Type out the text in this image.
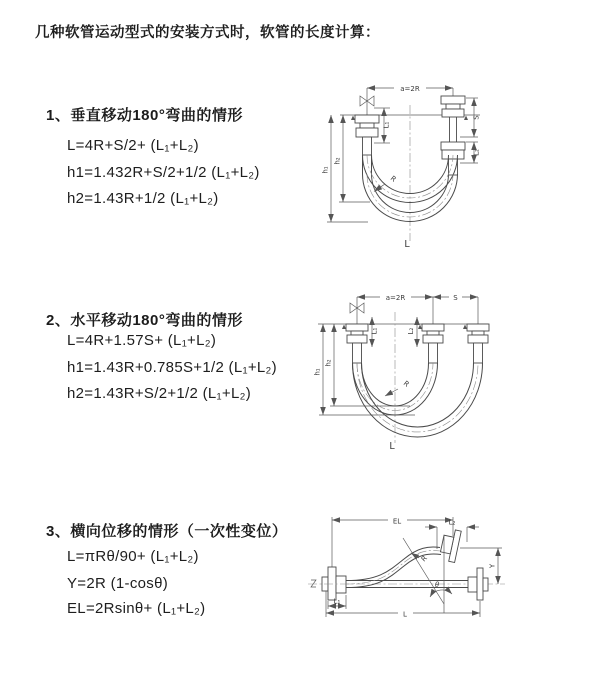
几种软管运动型式的安装方式时，软管的长度计算：
1、垂直移动180°弯曲的情形
L=4R+S/2+ (L₁+L₂)
h1=1.432R+S/2+1/2 (L₁+L₂)
h2=1.43R+1/2 (L₁+L₂)
2、水平移动180°弯曲的情形
L=4R+1.57S+ (L₁+L₂)
h1=1.43R+0.785S+1/2 (L₁+L₂)
h2=1.43R+S/2+1/2 (L₁+L₂)
3、横向位移的情形（一次性变位）
L=πRθ/90+ (L₁+L₂)
Y=2R (1-cosθ)
EL=2Rsinθ+ (L₁+L₂)
a=2R
S
L₂
L₁
h₁
h₂
R
L
a=2R	S
L₁	L₂
h₁
h₂
R
L
EL	L₂
Y
θ
R
L
L₁
